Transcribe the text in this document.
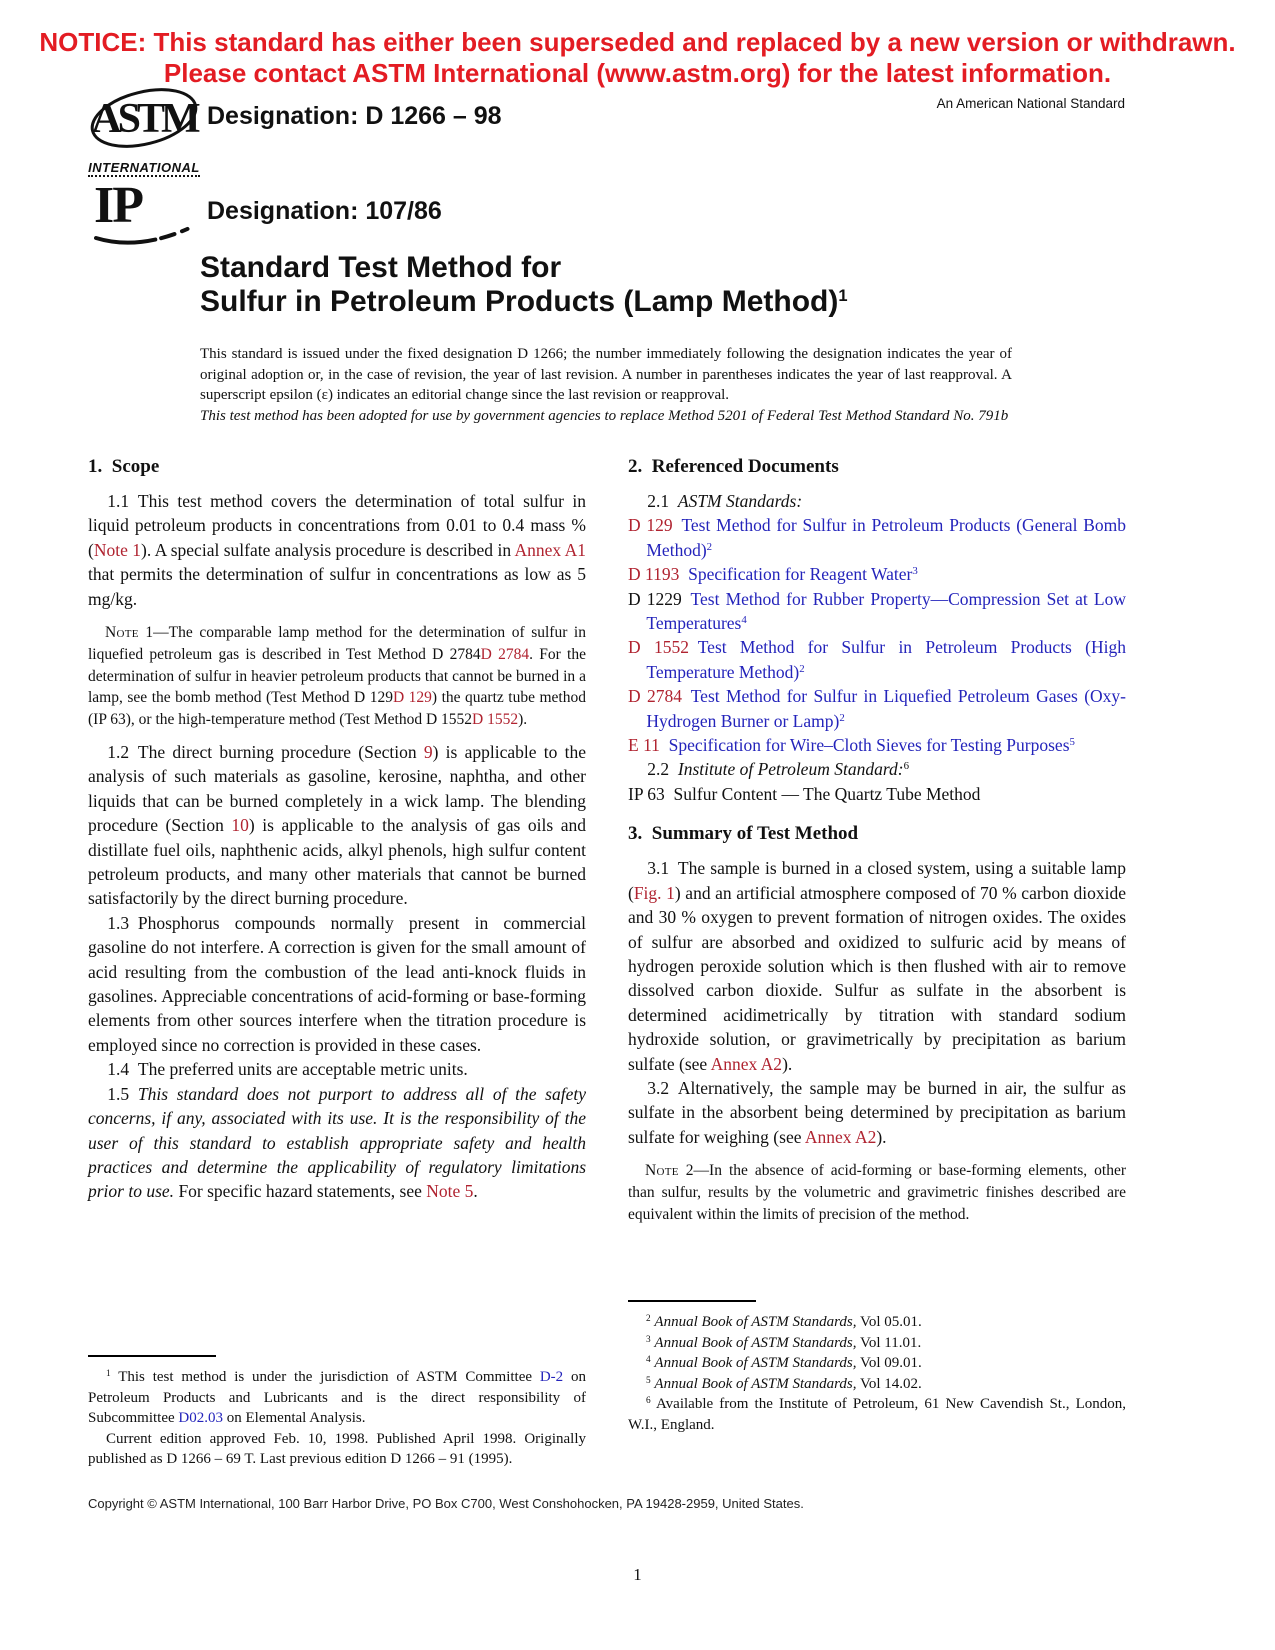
NOTICE: This standard has either been superseded and replaced by a new version or withdrawn.
Please contact ASTM International (www.astm.org) for the latest information.
ASTM
INTERNATIONAL
Designation: D 1266 – 98	An American National Standard
IP	Designation: 107/86
Standard Test Method for
Sulfur in Petroleum Products (Lamp Method)$^1$
This standard is issued under the fixed designation D 1266; the number immediately following the designation indicates the year of original adoption or, in the case of revision, the year of last revision. A number in parentheses indicates the year of last reapproval. A superscript epsilon (ε) indicates an editorial change since the last revision or reapproval.
This test method has been adopted for use by government agencies to replace Method 5201 of Federal Test Method Standard No. 791b
1. Scope
1.1 This test method covers the determination of total sulfur in liquid petroleum products in concentrations from 0.01 to 0.4 mass % (Note 1). A special sulfate analysis procedure is described in Annex A1 that permits the determination of sulfur in concentrations as low as 5 mg/kg.
Note 1—The comparable lamp method for the determination of sulfur in liquefied petroleum gas is described in Test Method D 2784D 2784. For the determination of sulfur in heavier petroleum products that cannot be burned in a lamp, see the bomb method (Test Method D 129D 129) the quartz tube method (IP 63), or the high-temperature method (Test Method D 1552D 1552).
1.2 The direct burning procedure (Section 9) is applicable to the analysis of such materials as gasoline, kerosine, naphtha, and other liquids that can be burned completely in a wick lamp. The blending procedure (Section 10) is applicable to the analysis of gas oils and distillate fuel oils, naphthenic acids, alkyl phenols, high sulfur content petroleum products, and many other materials that cannot be burned satisfactorily by the direct burning procedure.
1.3 Phosphorus compounds normally present in commercial gasoline do not interfere. A correction is given for the small amount of acid resulting from the combustion of the lead anti-knock fluids in gasolines. Appreciable concentrations of acid-forming or base-forming elements from other sources interfere when the titration procedure is employed since no correction is provided in these cases.
1.4 The preferred units are acceptable metric units.
1.5 This standard does not purport to address all of the safety concerns, if any, associated with its use. It is the responsibility of the user of this standard to establish appropriate safety and health practices and determine the applicability of regulatory limitations prior to use. For specific hazard statements, see Note 5.
$^1$ This test method is under the jurisdiction of ASTM Committee D-2 on Petroleum Products and Lubricants and is the direct responsibility of Subcommittee D02.03 on Elemental Analysis.
Current edition approved Feb. 10, 1998. Published April 1998. Originally published as D 1266 – 69 T. Last previous edition D 1266 – 91 (1995).
2. Referenced Documents
2.1 ASTM Standards:
D 129  Test Method for Sulfur in Petroleum Products (General Bomb Method)$^2$
D 1193  Specification for Reagent Water$^3$
D 1229 Test Method for Rubber Property—Compression Set at Low Temperatures$^4$
D 1552  Test Method for Sulfur in Petroleum Products (High Temperature Method)$^2$
D 2784  Test Method for Sulfur in Liquefied Petroleum Gases (Oxy-Hydrogen Burner or Lamp)$^2$
E 11  Specification for Wire–Cloth Sieves for Testing Purposes$^5$
2.2 Institute of Petroleum Standard:$^6$
IP 63 Sulfur Content — The Quartz Tube Method
3. Summary of Test Method
3.1 The sample is burned in a closed system, using a suitable lamp (Fig. 1) and an artificial atmosphere composed of 70 % carbon dioxide and 30 % oxygen to prevent formation of nitrogen oxides. The oxides of sulfur are absorbed and oxidized to sulfuric acid by means of hydrogen peroxide solution which is then flushed with air to remove dissolved carbon dioxide. Sulfur as sulfate in the absorbent is determined acidimetrically by titration with standard sodium hydroxide solution, or gravimetrically by precipitation as barium sulfate (see Annex A2).
3.2 Alternatively, the sample may be burned in air, the sulfur as sulfate in the absorbent being determined by precipitation as barium sulfate for weighing (see Annex A2).
Note 2—In the absence of acid-forming or base-forming elements, other than sulfur, results by the volumetric and gravimetric finishes described are equivalent within the limits of precision of the method.
$^2$ Annual Book of ASTM Standards, Vol 05.01.
$^3$ Annual Book of ASTM Standards, Vol 11.01.
$^4$ Annual Book of ASTM Standards, Vol 09.01.
$^5$ Annual Book of ASTM Standards, Vol 14.02.
$^6$ Available from the Institute of Petroleum, 61 New Cavendish St., London, W.I., England.
Copyright © ASTM International, 100 Barr Harbor Drive, PO Box C700, West Conshohocken, PA 19428-2959, United States.
1
